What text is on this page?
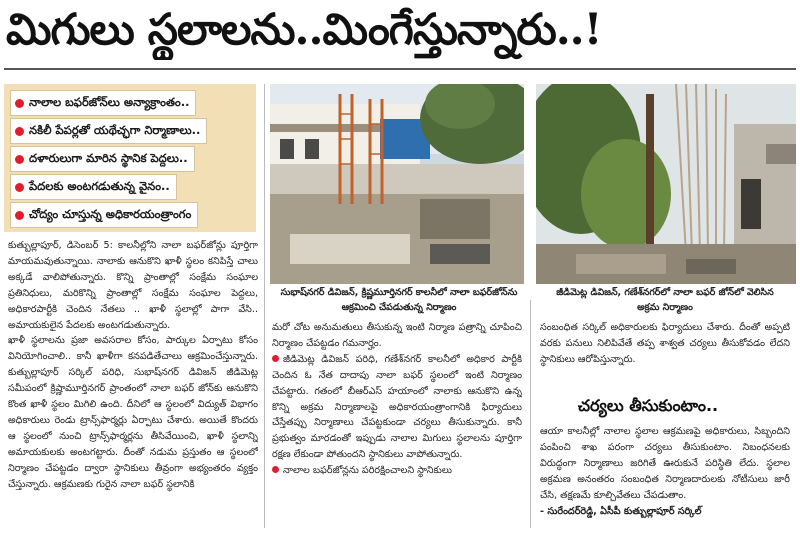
మిగులు స్థలాలను..మింగేస్తున్నారు..!
నాలాల బఫర్‌జోన్‌లు అన్యాక్రాంతం..
నకిలీ పేపర్లతో యథేచ్ఛగా నిర్మాణాలు..
దళారులుగా మారిన స్థానిక పెద్దలు..
పేదలకు అంటగడుతున్న వైనం..
చోద్యం చూస్తున్న అధికారయంత్రాంగం

కుత్బుల్లాపూర్, డిసెంబర్ 5: కాలనీల్లోని నాలా బఫర్‌జోన్లు పూర్తిగా మాయమవుతున్నాయి. నాలాకు ఆనుకొని ఖాళీ స్థలం కనిపిస్తే చాలు అక్కడే వాలిపోతున్నారు. కొన్ని ప్రాంతాల్లో సంక్షేమ సంఘాల ప్రతినిధులు, మరికొన్ని ప్రాంతాల్లో సంక్షేమ సంఘాల పెద్దలు, అధికారపార్టీకి చెందిన నేతలు .. ఖాళీ స్థలాల్లో పాగా వేసి.. అమాయకులైన పేదలకు అంటగడుతున్నారు.

ఖాళీ స్థలాలను ప్రజా అవసరాల కోసం, పార్కుల ఏర్పాటు కోసం వినియోగించాలి.. కానీ ఖాళీగా కనపడితేచాలు ఆక్రమించేస్తున్నారు. కుత్బుల్లాపూర్ సర్కిల్ పరిధి, సుభాష్‌నగర్ డివిజన్ జీడిమెట్ల సమీపంలో క్రిష్ణామూర్తినగర్ ప్రాంతంలో నాలా బఫర్ జోన్‌కు ఆనుకొని కొంత ఖాళీ స్థలం మిగిలి ఉంది. దీనిలో ఆ స్థలంలో విద్యుత్ విభాగం అధికారులు రెండు ట్రాన్స్‌ఫార్మర్లు ఏర్పాటు చేశారు. అయితే కొందరు ఆ స్థలంలో నుంచి ట్రాన్స్‌ఫార్మర్లను తీసివేయించి, ఖాళీ స్థలాన్ని అమాయకులకు అంటగట్టారు. దీంతో నడుమ ప్రస్తుతం ఆ స్థలంలో నిర్మాణం చేపట్టడం ద్వారా స్థానికులు తీవ్రంగా అభ్యంతరం వ్యక్తం చేస్తున్నారు. ఆక్రమణకు గురైన నాలా బఫర్ స్థలానికి

సుభాష్‌నగర్ డివిజన్, క్రిష్ణమూర్తినగర్ కాలనీలో నాలా బఫర్‌జోన్‌ను ఆక్రమించి చేపడుతున్న నిర్మాణం
జీడిమెట్ల డివిజన్, గణేశ్‌నగర్‌లో నాలా బఫర్ జోన్‌లో వెలిసిన అక్రమ నిర్మాణం

మరో చోట అనుమతులు తీసుకున్న ఇంటి నిర్మాణ పత్రాన్ని చూపించి నిర్మాణం చేపట్టడం గమనార్హం.

జీడిమెట్ల డివిజన్ పరిధి, గణేశ్‌నగర్ కాలనీలో అధికార పార్టీకి చెందిన ఓ నేత దాదాపు నాలా బఫర్ స్థలంలో ఇంటి నిర్మాణం చేపట్టారు. గతంలో బీఆర్ఎస్ హయాంలో నాలాకు ఆనుకొని ఉన్న కొన్ని అక్రమ నిర్మాణాలపై అధికారయంత్రాంగానికి ఫిర్యాదులు చేస్తేతప్పు నిర్మాణాలు చేపట్టకుండా చర్యలు తీసుకున్నారు. కానీ ప్రభుత్వం మారడంతో ఇప్పుడు నాలాల మిగులు స్థలాలను పూర్తిగా రక్షణ లేకుండా పోతుందని స్థానికులు వాపోతున్నారు.

నాలాల బఫర్‌జోన్లను పరిరక్షించాలని స్థానికులు

సంబంధిత సర్కిల్ అధికారులకు ఫిర్యాదులు చేశారు. దీంతో అప్పటి వరకు పనులు నిలిపివేతే తప్ప శాశ్వత చర్యలు తీసుకోవడం లేదని స్థానికులు ఆరోపిస్తున్నారు.

చర్యలు తీసుకుంటాం..

ఆయా కాలనీల్లో నాలాల స్థలాల ఆక్రమణపై అధికారులు, సిబ్బందిని పంపించి శాఖ పరంగా చర్యలు తీసుకుంటాం. నిబంధనలకు విరుద్ధంగా నిర్మాణాలు జరిగితే ఊరుకునే పరిస్థితి లేదు. స్థలాల అక్రమణ అనంతరం సంబంధిత నిర్మాణదారులకు నోటీసులు జారీ చేసి, తక్షణమే కూల్చివేతలు చేపడుతాం.

- సురేందర్‌రెడ్డి, ఏసీపీ కుత్బుల్లాపూర్ సర్కిల్
